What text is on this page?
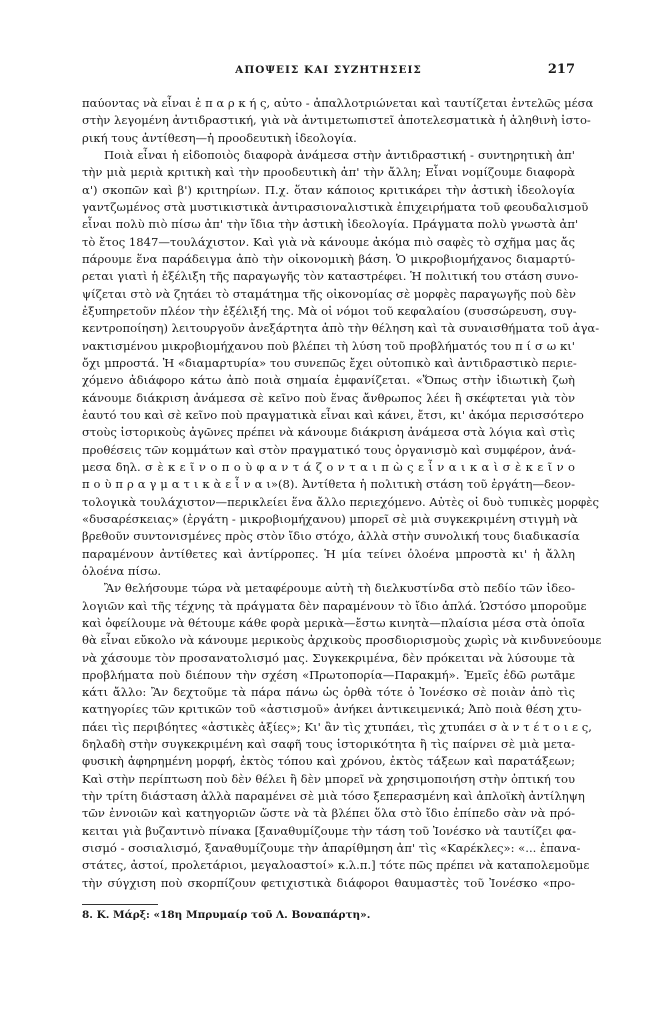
ΑΠΟΨΕΙΣ ΚΑΙ ΣΥΖΗΤΗΣΕΙΣ	217
παύοντας νὰ εἶναι ἐ π α ρ κ ή ς, αὐτο - ἀπαλλοτριώνεται καὶ ταυτίζεται ἐντελῶς μέσα
στὴν λεγομένη ἀντιδραστική, γιὰ νὰ ἀντιμετωπιστεῖ ἀποτελεσματικὰ ἡ ἀληθινὴ ἱστο-
ρική τους ἀντίθεση—ἡ προοδευτικὴ ἰδεολογία.
Ποιὰ εἶναι ἡ εἰδοποιὸς διαφορὰ ἀνάμεσα στὴν ἀντιδραστική - συντηρητικὴ ἀπ'
τὴν μιὰ μεριὰ κριτικὴ καὶ τὴν προοδευτικὴ ἀπ' τὴν ἄλλη; Εἶναι νομίζουμε διαφορὰ
α') σκοπῶν καὶ β') κριτηρίων. Π.χ. ὅταν κάποιος κριτικάρει τὴν ἀστικὴ ἰδεολογία
γαντζωμένος στὰ μυστικιστικὰ ἀντιρασιοναλιστικὰ ἐπιχειρήματα τοῦ φεουδαλισμοῦ
εἶναι πολὺ πιὸ πίσω ἀπ' τὴν ἴδια τὴν ἀστικὴ ἰδεολογία. Πράγματα πολὺ γνωστὰ ἀπ'
τὸ ἔτος 1847—τουλάχιστον. Καὶ γιὰ νὰ κάνουμε ἀκόμα πιὸ σαφὲς τὸ σχῆμα μας ἄς
πάρουμε ἕνα παράδειγμα ἀπὸ τὴν οἰκονομικὴ βάση. Ὁ μικροβιομήχανος διαμαρτύ-
ρεται γιατὶ ἡ ἐξέλιξη τῆς παραγωγῆς τὸν καταστρέφει. Ἡ πολιτική του στάση συνο-
ψίζεται στὸ νὰ ζητάει τὸ σταμάτημα τῆς οἰκονομίας σὲ μορφὲς παραγωγῆς ποὺ δὲν
ἐξυπηρετοῦν πλέον τὴν ἐξέλιξή της. Μὰ οἱ νόμοι τοῦ κεφαλαίου (συσσώρευση, συγ-
κεντροποίηση) λειτουργοῦν ἀνεξάρτητα ἀπὸ τὴν θέληση καὶ τὰ συναισθήματα τοῦ ἀγα-
νακτισμένου μικροβιομήχανου ποὺ βλέπει τὴ λύση τοῦ προβλήματός του π ί σ ω κι'
ὄχι μπροστά. Ἡ «διαμαρτυρία» του συνεπῶς ἔχει οὐτοπικὸ καὶ ἀντιδραστικὸ περιε-
χόμενο ἀδιάφορο κάτω ἀπὸ ποιὰ σημαία ἐμφανίζεται. «Ὅπως στὴν ἰδιωτικὴ ζωὴ
κάνουμε διάκριση ἀνάμεσα σὲ κεῖνο ποὺ ἕνας ἄνθρωπος λέει ἢ σκέφτεται γιὰ τὸν
ἑαυτό του καὶ σὲ κεῖνο ποὺ πραγματικὰ εἶναι καὶ κάνει, ἔτσι, κι' ἀκόμα περισσότερο
στοὺς ἱστορικοὺς ἀγῶνες πρέπει νὰ κάνουμε διάκριση ἀνάμεσα στὰ λόγια καὶ στὶς
προθέσεις τῶν κομμάτων καὶ στὸν πραγματικό τους ὀργανισμὸ καὶ συμφέρον, ἀνά-
μεσα δηλ. σ ὲ κ ε ῖ ν ο π ο ὺ φ α ν τ ά ζ ο ν τ α ι π ὼ ς ε ἶ ν α ι κ α ὶ σ ὲ κ ε ῖ ν ο
π ο ὺ π ρ α γ μ α τ ι κ ὰ ε ἶ ν α ι»(8). Ἀντίθετα ἡ πολιτικὴ στάση τοῦ ἐργάτη—δεον-
τολογικὰ τουλάχιστον—περικλείει ἕνα ἄλλο περιεχόμενο. Αὐτὲς οἱ δυὸ τυπικὲς μορφὲς
«δυσαρέσκειας» (ἐργάτη - μικροβιομήχανου) μπορεῖ σὲ μιὰ συγκεκριμένη στιγμὴ νὰ
βρεθοῦν συντονισμένες πρὸς στὸν ἴδιο στόχο, ἀλλὰ στὴν συνολική τους διαδικασία
παραμένουν ἀντίθετες καὶ ἀντίρροπες. Ἡ μία τείνει ὁλοένα μπροστὰ κι' ἡ ἄλλη
ὁλοένα πίσω.
Ἂν θελήσουμε τώρα νὰ μεταφέρουμε αὐτὴ τὴ διελκυστίνδα στὸ πεδίο τῶν ἰδεο-
λογιῶν καὶ τῆς τέχνης τὰ πράγματα δὲν παραμένουν τὸ ἴδιο ἁπλά. Ὡστόσο μποροῦμε
καὶ ὀφείλουμε νὰ θέτουμε κάθε φορὰ μερικὰ—ἔστω κινητὰ—πλαίσια μέσα στὰ ὁποῖα
θὰ εἶναι εὔκολο νὰ κάνουμε μερικοὺς ἀρχικοὺς προσδιορισμοὺς χωρὶς νὰ κινδυνεύουμε
νὰ χάσουμε τὸν προσανατολισμό μας. Συγκεκριμένα, δὲν πρόκειται νὰ λύσουμε τὰ
προβλήματα ποὺ διέπουν τὴν σχέση «Πρωτοπορία—Παρακμή». Ἐμεῖς ἐδῶ ρωτᾶμε
κάτι ἄλλο: Ἂν δεχτοῦμε τὰ πάρα πάνω ὡς ὀρθὰ τότε ὁ Ἰονέσκο σὲ ποιὰν ἀπὸ τὶς
κατηγορίες τῶν κριτικῶν τοῦ «ἀστισμοῦ» ἀνήκει ἀντικειμενικά; Ἀπὸ ποιὰ θέση χτυ-
πάει τὶς περιβόητες «ἀστικὲς ἀξίες»; Κι' ἂν τὶς χτυπάει, τὶς χτυπάει σ ὰ ν τ έ τ ο ι ε ς,
δηλαδὴ στὴν συγκεκριμένη καὶ σαφῆ τους ἱστορικότητα ἢ τὶς παίρνει σὲ μιὰ μετα-
φυσικὴ ἀφηρημένη μορφή, ἐκτὸς τόπου καὶ χρόνου, ἐκτὸς τάξεων καὶ παρατάξεων;
Καὶ στὴν περίπτωση ποὺ δὲν θέλει ἢ δὲν μπορεῖ νὰ χρησιμοποιήση στὴν ὀπτική του
τὴν τρίτη διάσταση ἀλλὰ παραμένει σὲ μιὰ τόσο ξεπερασμένη καὶ ἁπλοϊκὴ ἀντίληψη
τῶν ἐννοιῶν καὶ κατηγοριῶν ὥστε νὰ τὰ βλέπει ὅλα στὸ ἴδιο ἐπίπεδο σὰν νὰ πρό-
κειται γιὰ βυζαντινὸ πίνακα [ξαναθυμίζουμε τὴν τάση τοῦ Ἰονέσκο νὰ ταυτίζει φα-
σισμό - σοσιαλισμό, ξαναθυμίζουμε τὴν ἀπαρίθμηση ἀπ' τὶς «Καρέκλες»: «... ἐπανα-
στάτες, ἀστοί, προλετάριοι, μεγαλοαστοί» κ.λ.π.] τότε πῶς πρέπει νὰ καταπολεμοῦμε
τὴν σύγχιση ποὺ σκορπίζουν φετιχιστικὰ διάφοροι θαυμαστὲς τοῦ Ἰονέσκο «προ-
8. Κ. Μάρξ: «18η Μπρυμαίρ τοῦ Λ. Βοναπάρτη».
